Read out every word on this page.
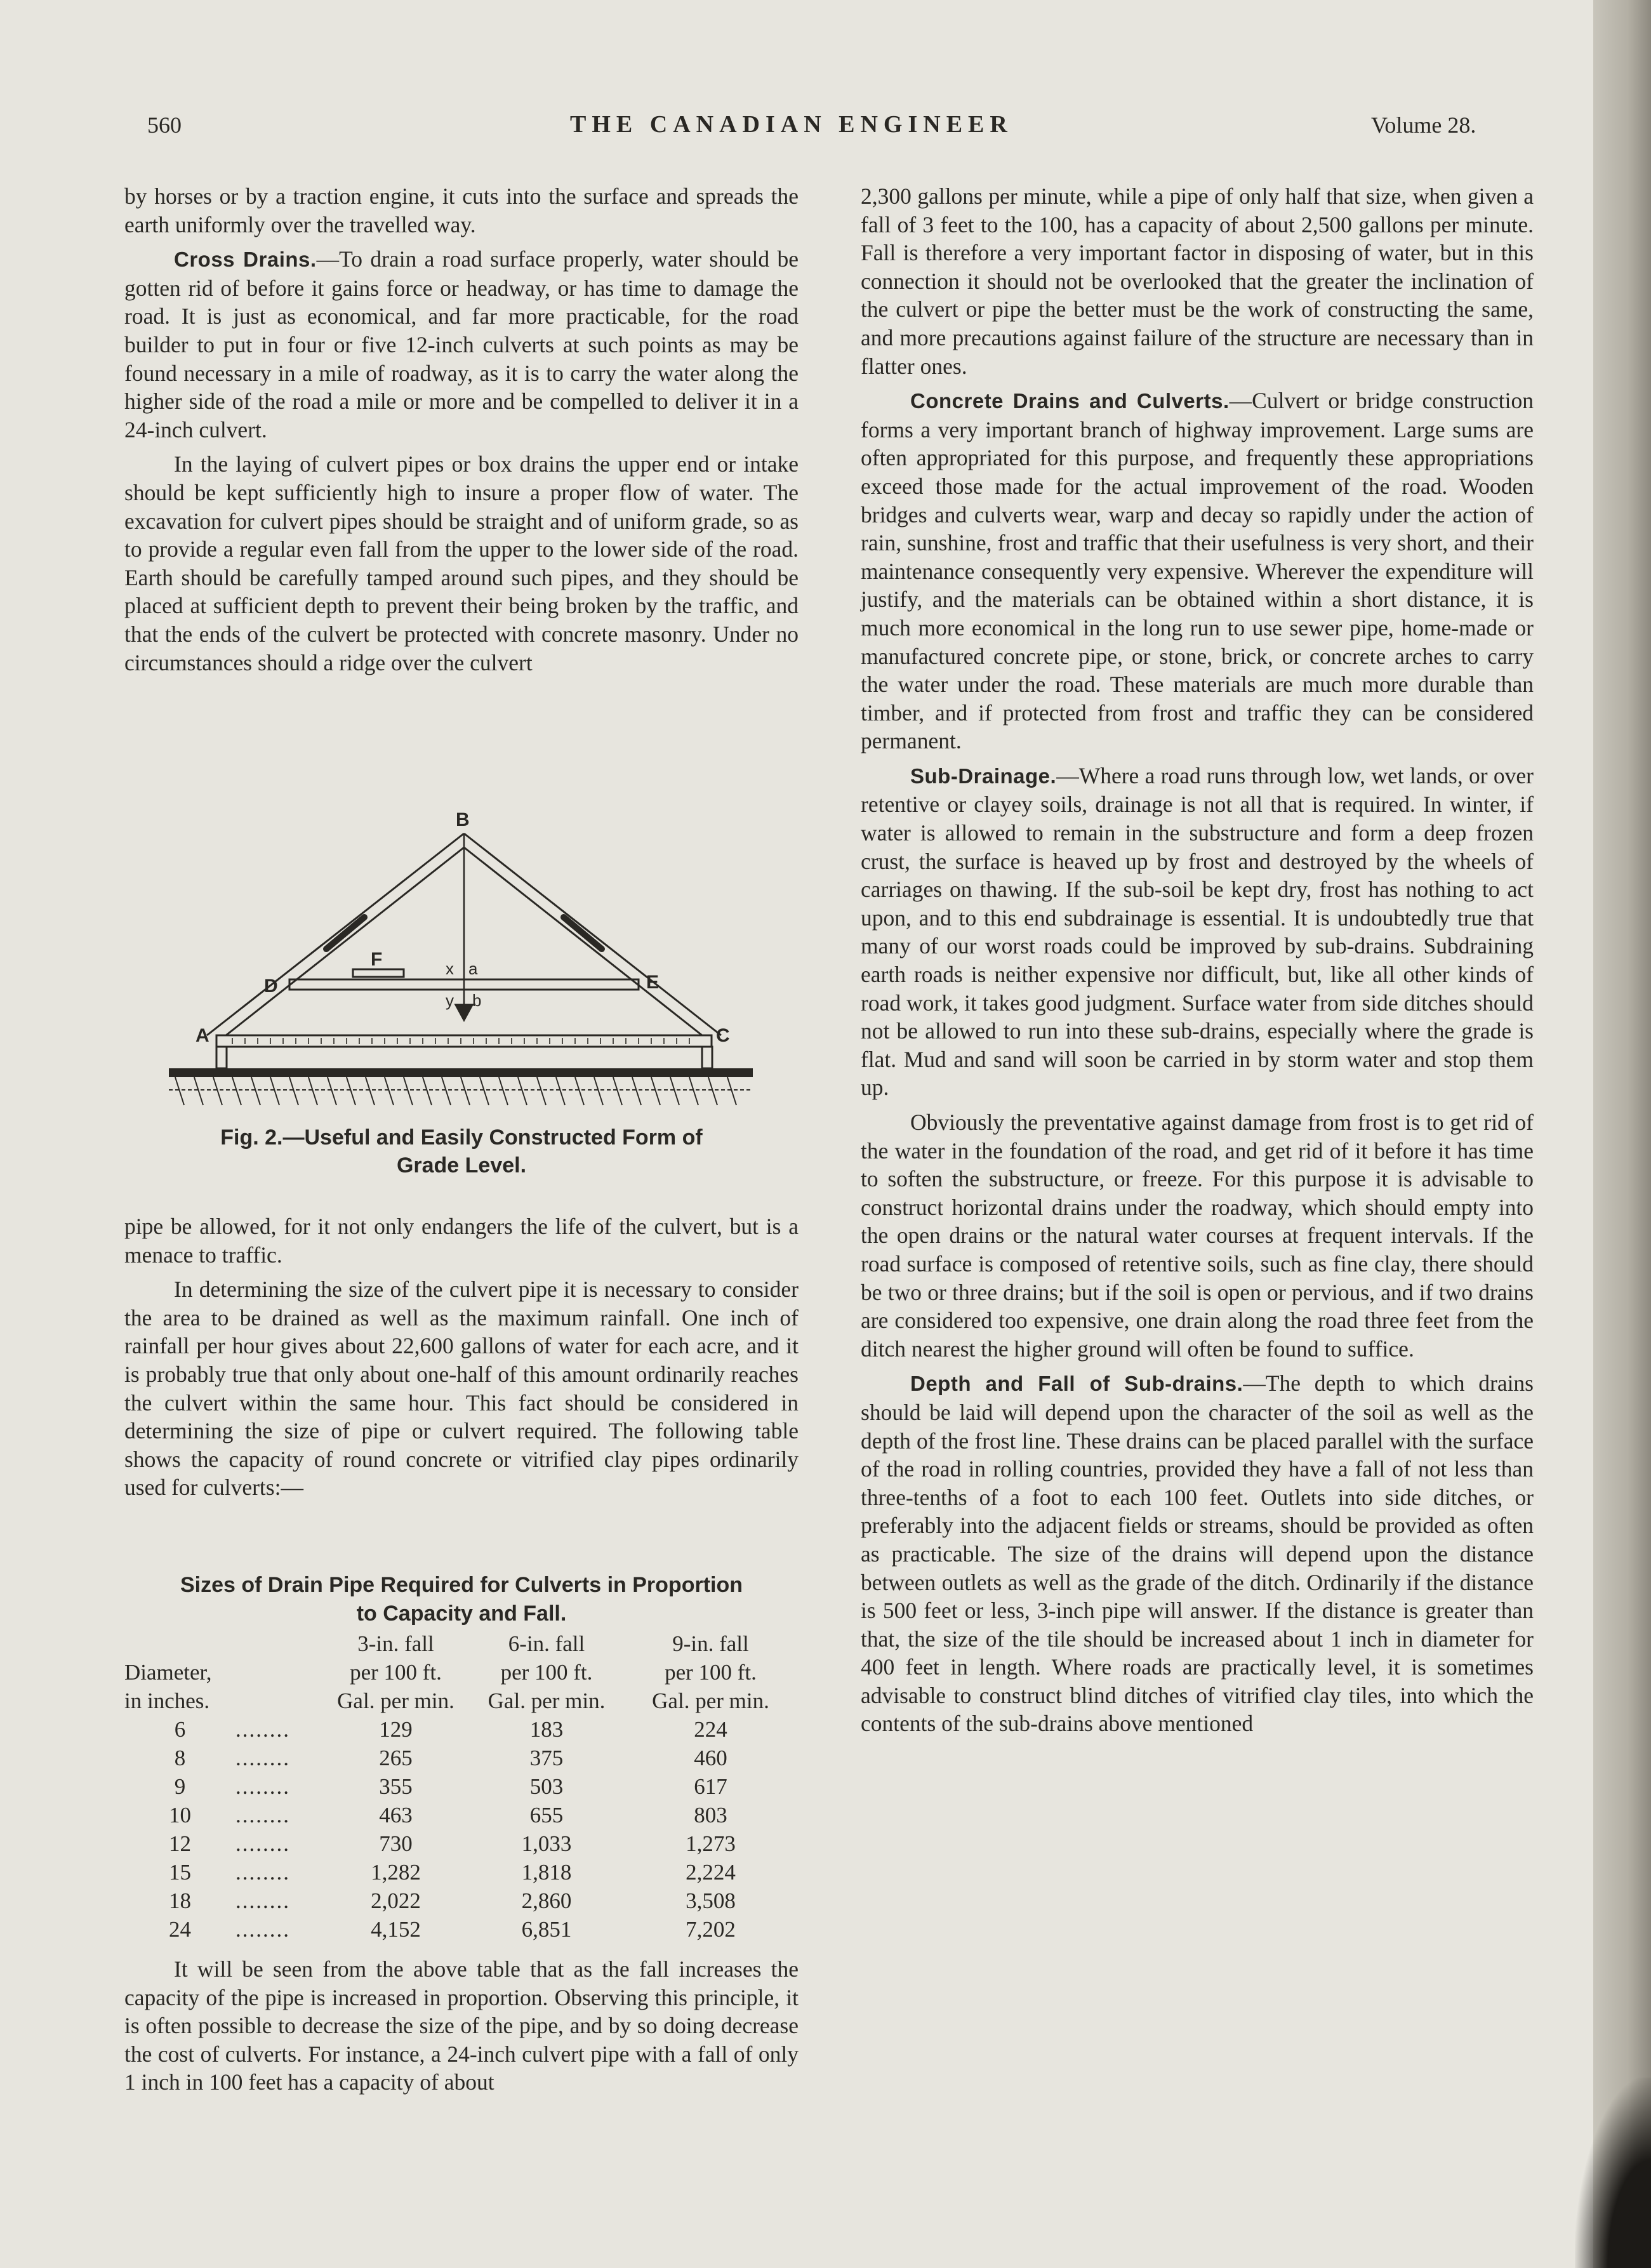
560	THE CANADIAN ENGINEER	Volume 28.

by horses or by a traction engine, it cuts into the surface and spreads the earth uniformly over the travelled way.

Cross Drains.—To drain a road surface properly, water should be gotten rid of before it gains force or headway, or has time to damage the road. It is just as economical, and far more practicable, for the road builder to put in four or five 12-inch culverts at such points as may be found necessary in a mile of roadway, as it is to carry the water along the higher side of the road a mile or more and be compelled to deliver it in a 24-inch culvert.

In the laying of culvert pipes or box drains the upper end or intake should be kept sufficiently high to insure a proper flow of water. The excavation for culvert pipes should be straight and of uniform grade, so as to provide a regular even fall from the upper to the lower side of the road. Earth should be carefully tamped around such pipes, and they should be placed at sufficient depth to prevent their being broken by the traffic, and that the ends of the culvert be protected with concrete masonry. Under no circumstances should a ridge over the culvert

B
A	C
D	E
F	x a
y b
Fig. 2.—Useful and Easily Constructed Form of
Grade Level.

pipe be allowed, for it not only endangers the life of the culvert, but is a menace to traffic.

In determining the size of the culvert pipe it is necessary to consider the area to be drained as well as the maximum rainfall. One inch of rainfall per hour gives about 22,600 gallons of water for each acre, and it is probably true that only about one-half of this amount ordinarily reaches the culvert within the same hour. This fact should be considered in determining the size of pipe or culvert required. The following table shows the capacity of round concrete or vitrified clay pipes ordinarily used for culverts:—

Sizes of Drain Pipe Required for Culverts in Proportion
to Capacity and Fall.
		3-in. fall	6-in. fall	9-in. fall
Diameter,		per 100 ft.	per 100 ft.	per 100 ft.
in inches.		Gal. per min.	Gal. per min.	Gal. per min.
6	........	129	183	224
8	........	265	375	460
9	........	355	503	617
10	........	463	655	803
12	........	730	1,033	1,273
15	........	1,282	1,818	2,224
18	........	2,022	2,860	3,508
24	........	4,152	6,851	7,202

It will be seen from the above table that as the fall increases the capacity of the pipe is increased in proportion. Observing this principle, it is often possible to decrease the size of the pipe, and by so doing decrease the cost of culverts. For instance, a 24-inch culvert pipe with a fall of only 1 inch in 100 feet has a capacity of about

2,300 gallons per minute, while a pipe of only half that size, when given a fall of 3 feet to the 100, has a capacity of about 2,500 gallons per minute. Fall is therefore a very important factor in disposing of water, but in this connection it should not be overlooked that the greater the inclination of the culvert or pipe the better must be the work of constructing the same, and more precautions against failure of the structure are necessary than in flatter ones.

Concrete Drains and Culverts.—Culvert or bridge construction forms a very important branch of highway improvement. Large sums are often appropriated for this purpose, and frequently these appropriations exceed those made for the actual improvement of the road. Wooden bridges and culverts wear, warp and decay so rapidly under the action of rain, sunshine, frost and traffic that their usefulness is very short, and their maintenance consequently very expensive. Wherever the expenditure will justify, and the materials can be obtained within a short distance, it is much more economical in the long run to use sewer pipe, home-made or manufactured concrete pipe, or stone, brick, or concrete arches to carry the water under the road. These materials are much more durable than timber, and if protected from frost and traffic they can be considered permanent.

Sub-Drainage.—Where a road runs through low, wet lands, or over retentive or clayey soils, drainage is not all that is required. In winter, if water is allowed to remain in the substructure and form a deep frozen crust, the surface is heaved up by frost and destroyed by the wheels of carriages on thawing. If the sub-soil be kept dry, frost has nothing to act upon, and to this end subdrainage is essential. It is undoubtedly true that many of our worst roads could be improved by sub-drains. Subdraining earth roads is neither expensive nor difficult, but, like all other kinds of road work, it takes good judgment. Surface water from side ditches should not be allowed to run into these sub-drains, especially where the grade is flat. Mud and sand will soon be carried in by storm water and stop them up.

Obviously the preventative against damage from frost is to get rid of the water in the foundation of the road, and get rid of it before it has time to soften the substructure, or freeze. For this purpose it is advisable to construct horizontal drains under the roadway, which should empty into the open drains or the natural water courses at frequent intervals. If the road surface is composed of retentive soils, such as fine clay, there should be two or three drains; but if the soil is open or pervious, and if two drains are considered too expensive, one drain along the road three feet from the ditch nearest the higher ground will often be found to suffice.

Depth and Fall of Sub-drains.—The depth to which drains should be laid will depend upon the character of the soil as well as the depth of the frost line. These drains can be placed parallel with the surface of the road in rolling countries, provided they have a fall of not less than three-tenths of a foot to each 100 feet. Outlets into side ditches, or preferably into the adjacent fields or streams, should be provided as often as practicable. The size of the drains will depend upon the distance between outlets as well as the grade of the ditch. Ordinarily if the distance is 500 feet or less, 3-inch pipe will answer. If the distance is greater than that, the size of the tile should be increased about 1 inch in diameter for 400 feet in length. Where roads are practically level, it is sometimes advisable to construct blind ditches of vitrified clay tiles, into which the contents of the sub-drains above mentioned
